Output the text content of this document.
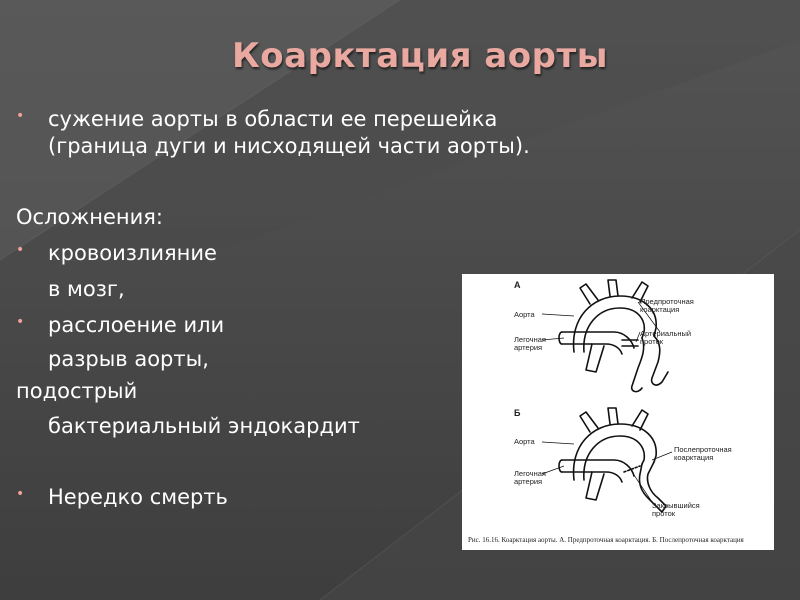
Коарктация аорты
• сужение аорты в области ее перешейка
(граница дуги и нисходящей части аорты).
Осложнения:
• кровоизлияние
в мозг,
• расслоение или
разрыв аорты,
подострый
бактериальный эндокардит
• Нередко смерть
А
Аорта
Легочная
артерия
Предпроточная
коарктация
Артериальный
проток
Б
Аорта
Легочная
артерия
Послепроточная
коарктация
Закрывшийся
проток
Рис. 16.16. Коарктация аорты. А. Предпроточная коарктация. Б. Послепроточная коарктация
